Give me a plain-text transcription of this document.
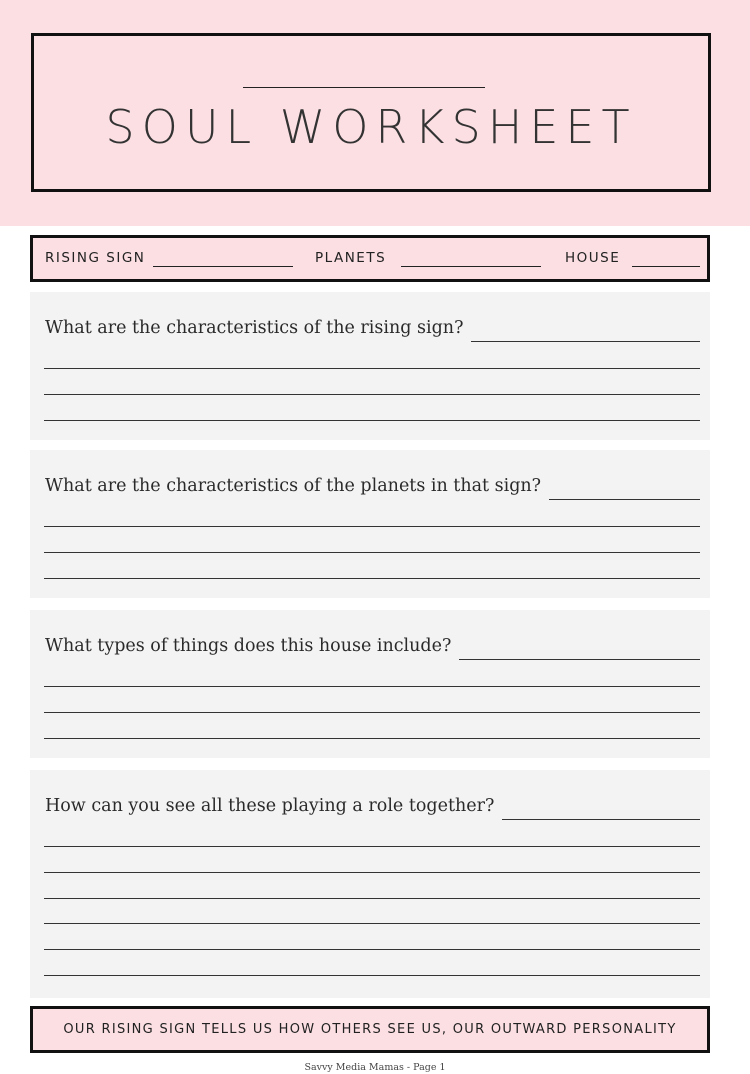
SOUL WORKSHEET
RISING SIGN	PLANETS	HOUSE
What are the characteristics of the rising sign?
What are the characteristics of the planets in that sign?
What types of things does this house include?
How can you see all these playing a role together?
OUR RISING SIGN TELLS US HOW OTHERS SEE US, OUR OUTWARD PERSONALITY
Savvy Media Mamas - Page 1
